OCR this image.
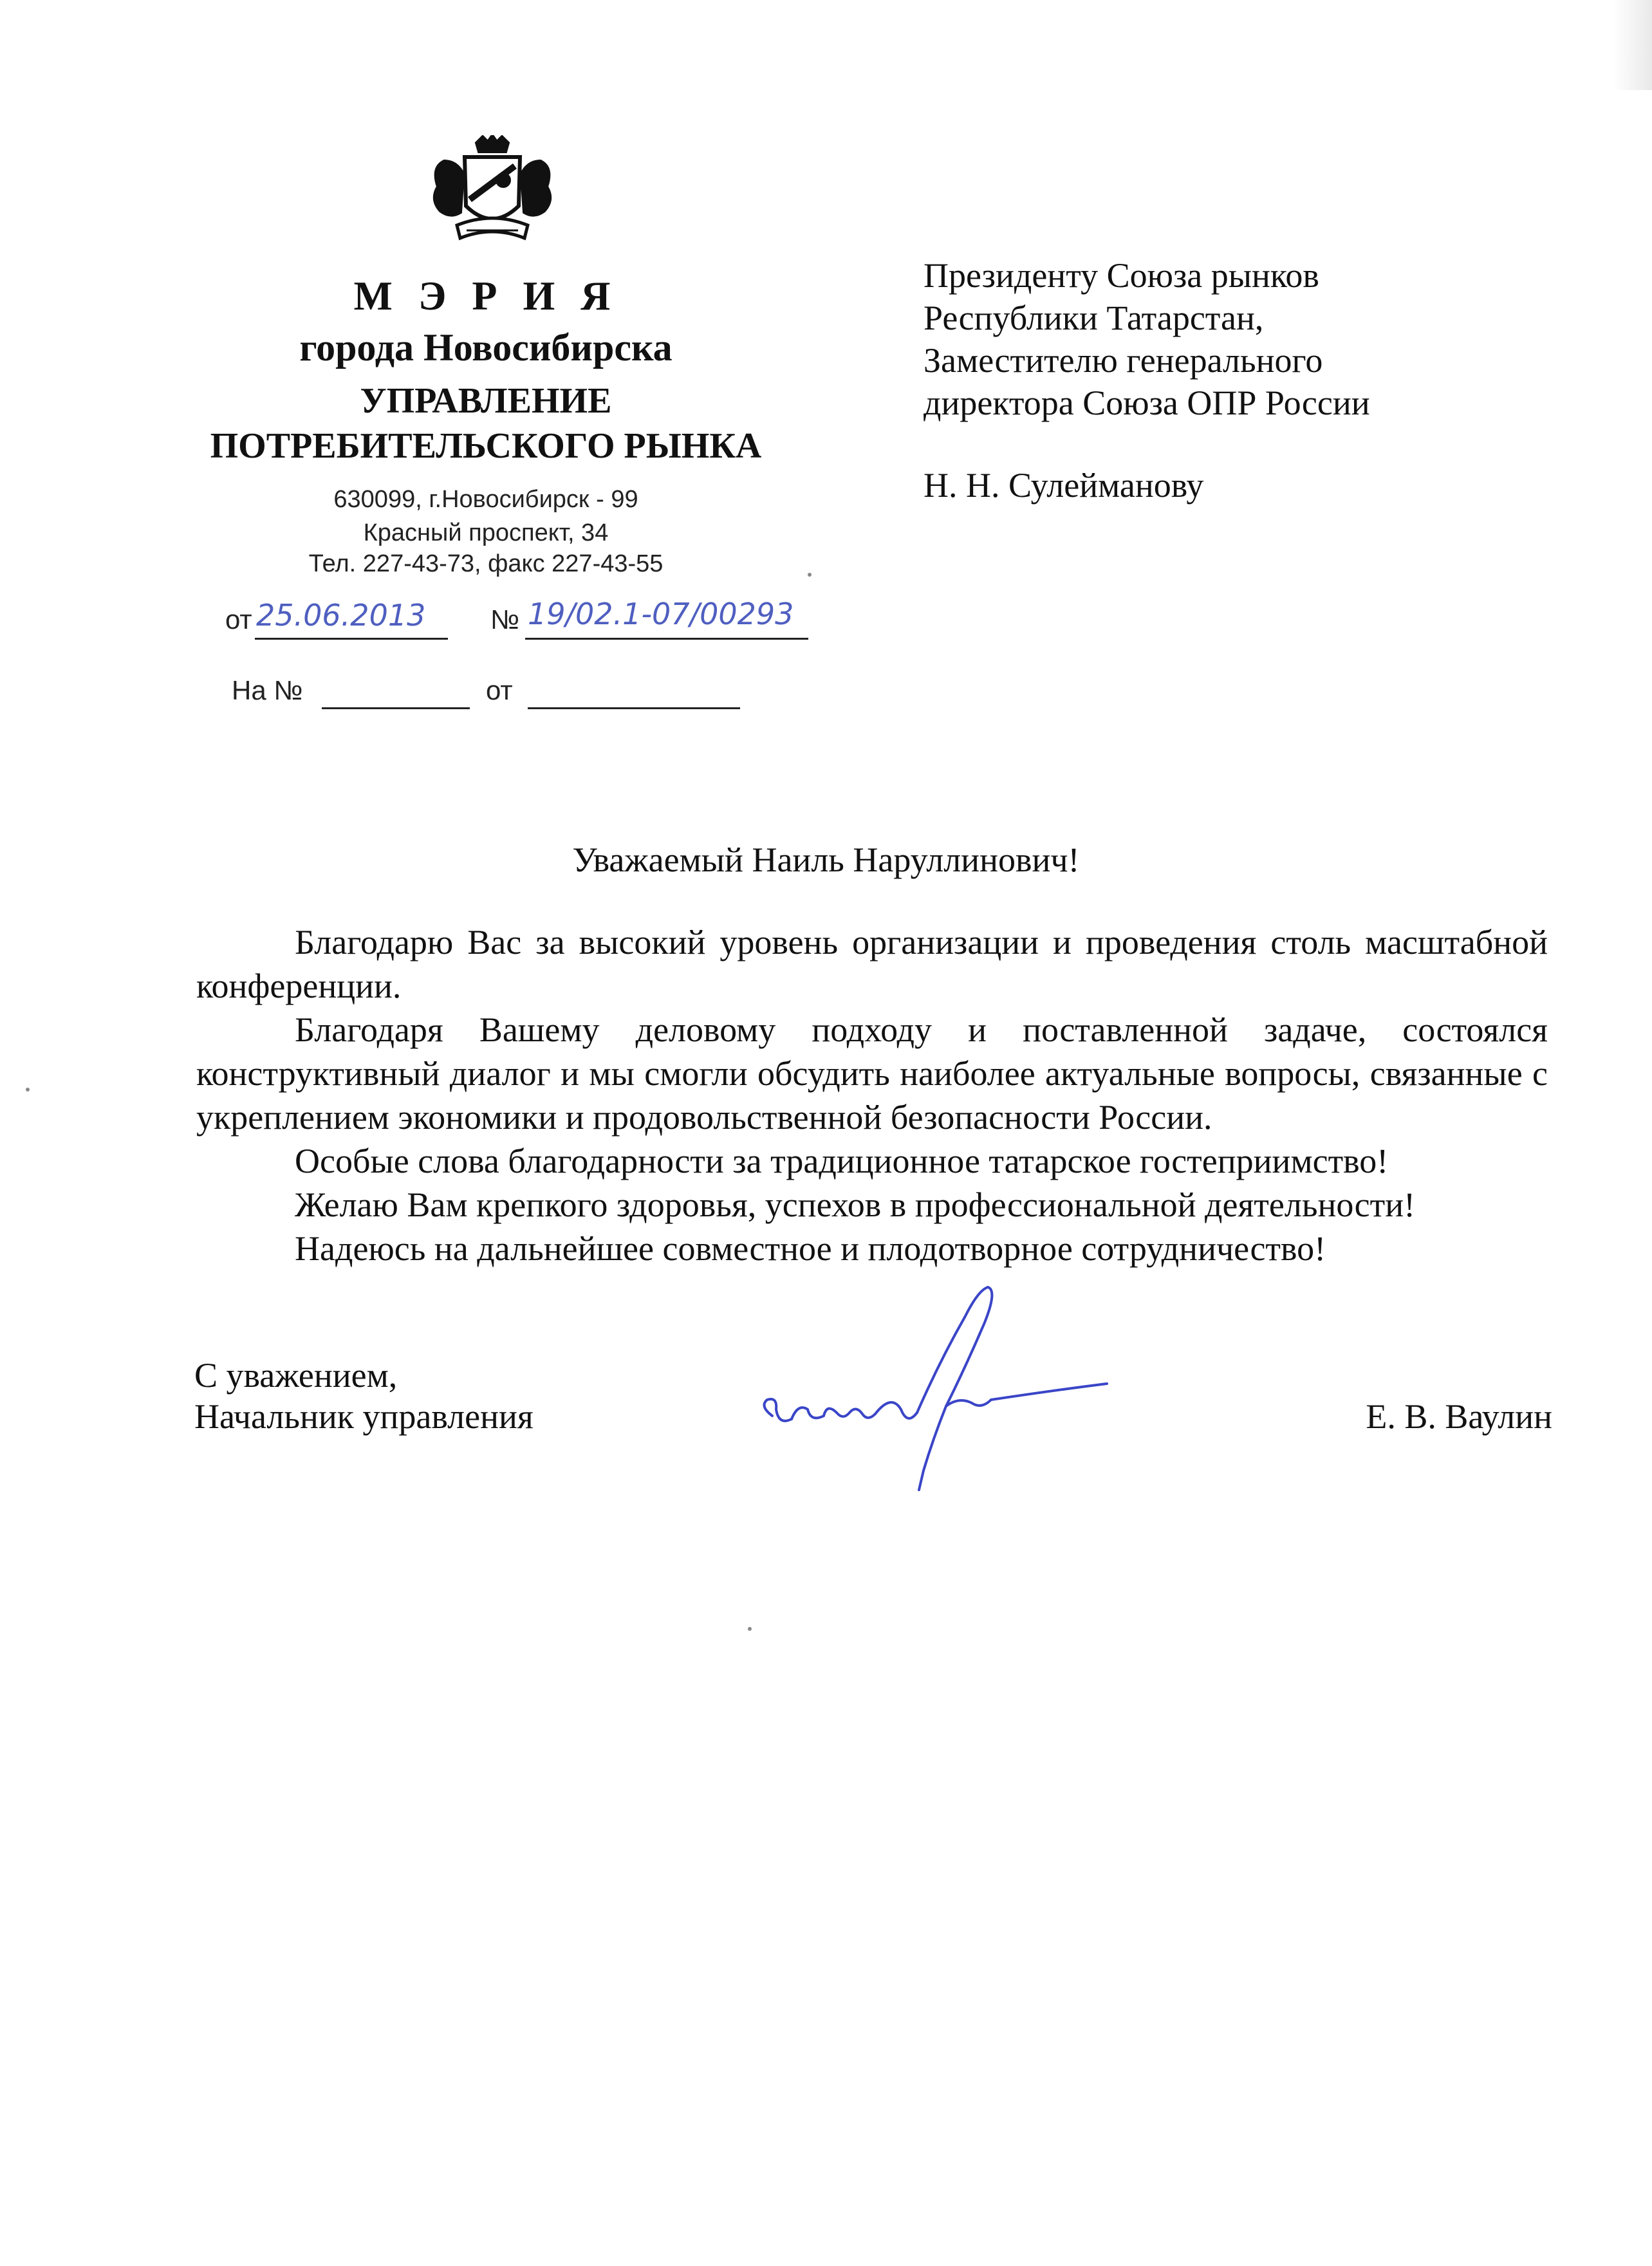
М Э Р И Я
города Новосибирска
УПРАВЛЕНИЕ
ПОТРЕБИТЕЛЬСКОГО РЫНКА
630099, г.Новосибирск - 99
Красный проспект, 34
Тел. 227-43-73, факс 227-43-55
от 25.06.2013 № 19/02.1-07/00293
На №	от
Президенту Союза рынков
Республики Татарстан,
Заместителю генерального
директора Союза ОПР России
Н. Н. Сулейманову
Уважаемый Наиль Наруллинович!

Благодарю Вас за высокий уровень организации и проведения столь масштабной конференции.

Благодаря Вашему деловому подходу и поставленной задаче, состоялся конструктивный диалог и мы смогли обсудить наиболее актуальные вопросы, связанные с укреплением экономики и продовольственной безопасности России.

Особые слова благодарности за традиционное татарское гостеприимство!

Желаю Вам крепкого здоровья, успехов в профессиональной деятельности!

Надеюсь на дальнейшее совместное и плодотворное сотрудничество!

С уважением,
Начальник управления	Е. В. Ваулин
